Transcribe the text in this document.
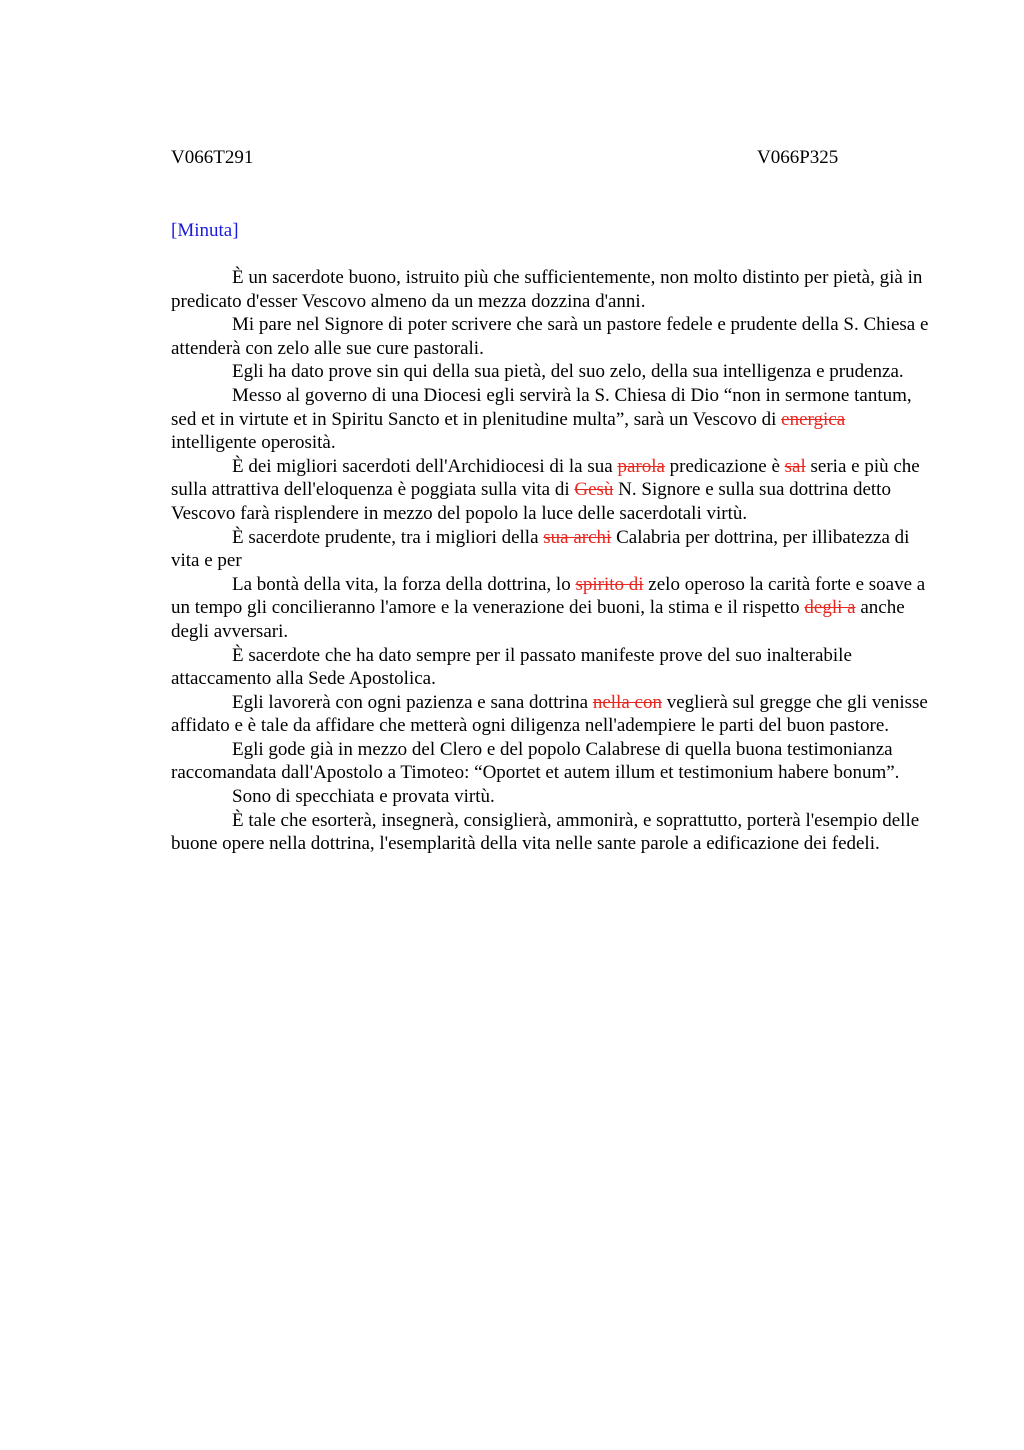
V066T291	V066P325
[Minuta]

È un sacerdote buono, istruito più che sufficientemente, non molto distinto per pietà, già in predicato d'esser Vescovo almeno da un mezza dozzina d'anni.

Mi pare nel Signore di poter scrivere che sarà un pastore fedele e prudente della S. Chiesa e attenderà con zelo alle sue cure pastorali.

Egli ha dato prove sin qui della sua pietà, del suo zelo, della sua intelligenza e prudenza.

Messo al governo di una Diocesi egli servirà la S. Chiesa di Dio “non in sermone tantum, sed et in virtute et in Spiritu Sancto et in plenitudine multa”, sarà un Vescovo di energica intelligente operosità.

È dei migliori sacerdoti dell'Archidiocesi di la sua parola predicazione è sal seria e più che sulla attrattiva dell'eloquenza è poggiata sulla vita di Gesù N. Signore e sulla sua dottrina detto Vescovo farà risplendere in mezzo del popolo la luce delle sacerdotali virtù.

È sacerdote prudente, tra i migliori della sua archi Calabria per dottrina, per illibatezza di vita e per

La bontà della vita, la forza della dottrina, lo spirito di zelo operoso la carità forte e soave a un tempo gli concilieranno l'amore e la venerazione dei buoni, la stima e il rispetto degli a anche degli avversari.

È sacerdote che ha dato sempre per il passato manifeste prove del suo inalterabile attaccamento alla Sede Apostolica.

Egli lavorerà con ogni pazienza e sana dottrina nella con veglierà sul gregge che gli venisse affidato e è tale da affidare che metterà ogni diligenza nell'adempiere le parti del buon pastore.

Egli gode già in mezzo del Clero e del popolo Calabrese di quella buona testimonianza raccomandata dall'Apostolo a Timoteo: “Oportet et autem illum et testimonium habere bonum”.

Sono di specchiata e provata virtù.

È tale che esorterà, insegnerà, consiglierà, ammonirà, e soprattutto, porterà l'esempio delle buone opere nella dottrina, l'esemplarità della vita nelle sante parole a edificazione dei fedeli.
